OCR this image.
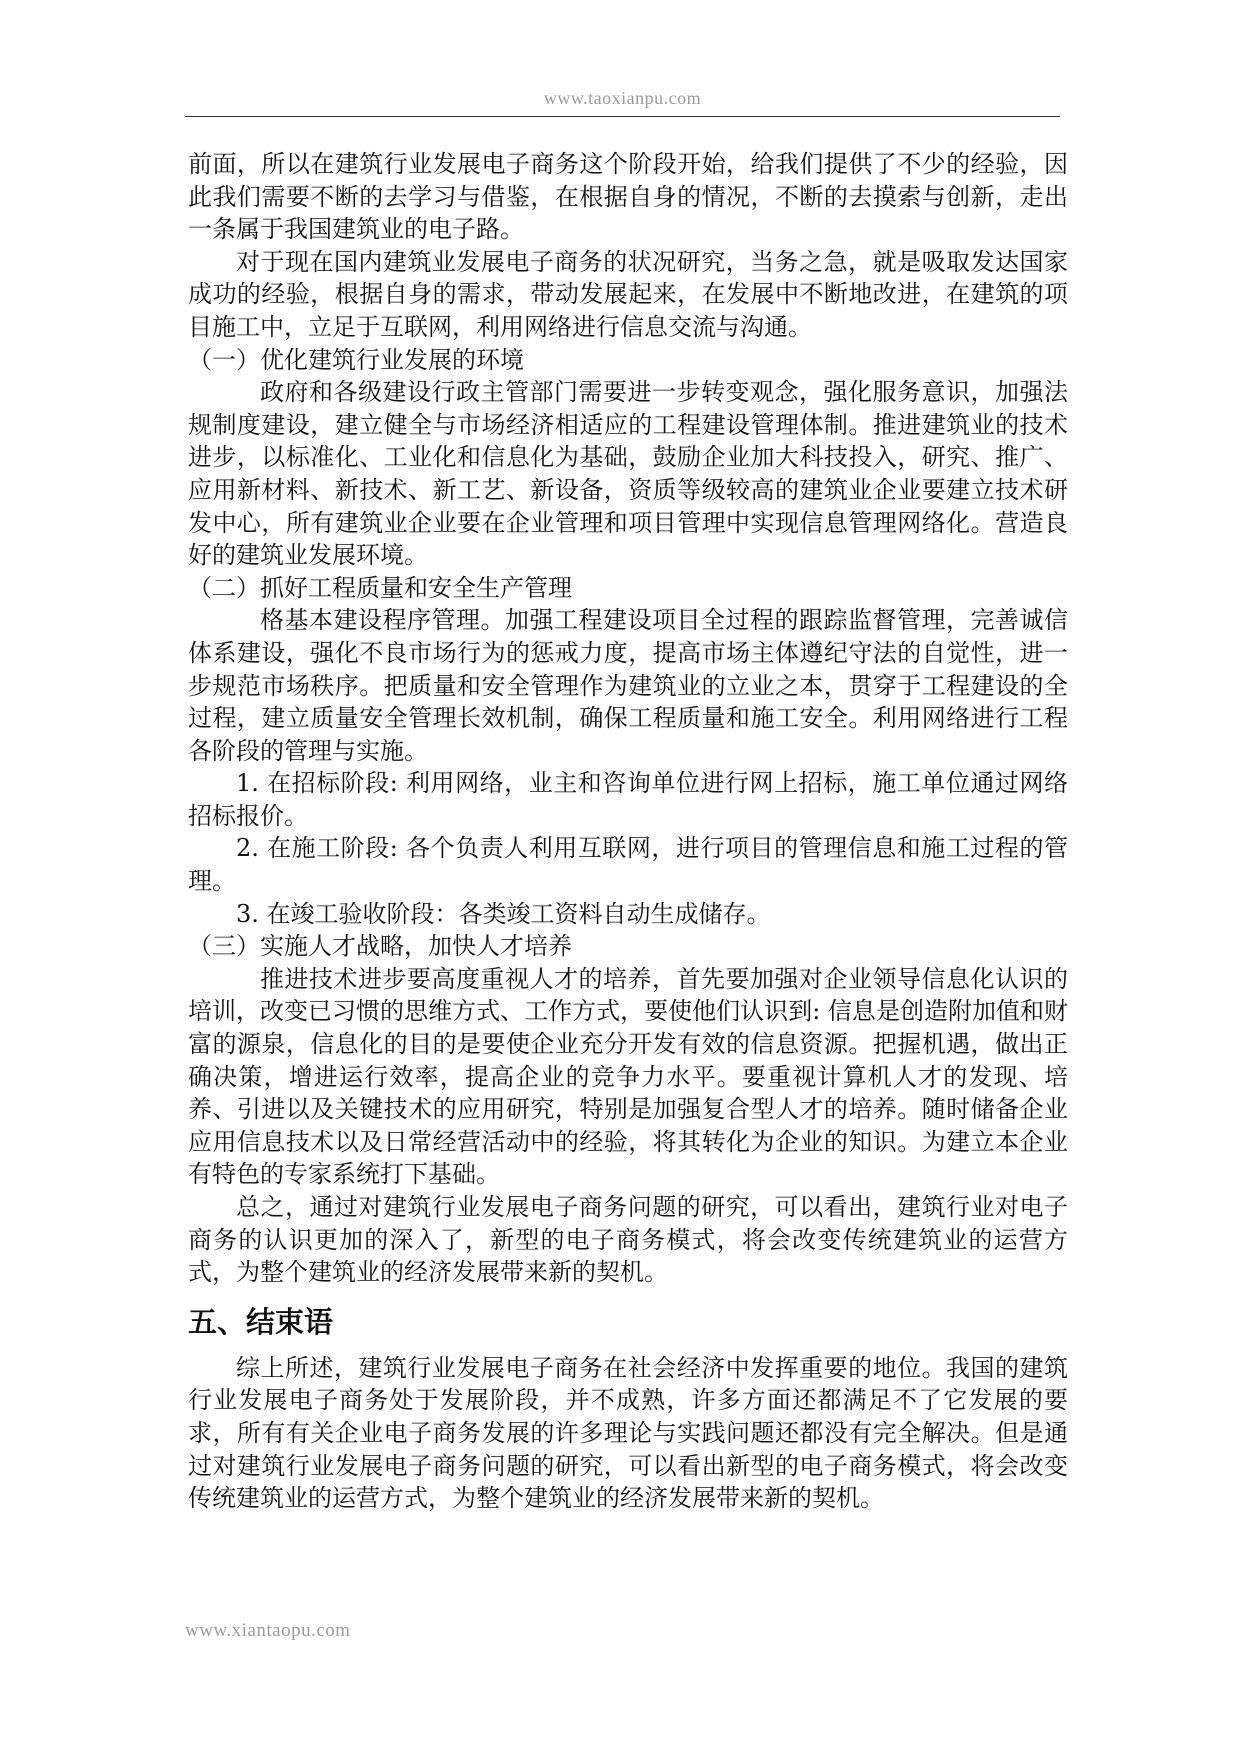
www.taoxianpu.com

前面，所以在建筑行业发展电子商务这个阶段开始，给我们提供了不少的经验，因此我们需要不断的去学习与借鉴，在根据自身的情况，不断的去摸索与创新，走出一条属于我国建筑业的电子路。

对于现在国内建筑业发展电子商务的状况研究，当务之急，就是吸取发达国家成功的经验，根据自身的需求，带动发展起来，在发展中不断地改进，在建筑的项目施工中，立足于互联网，利用网络进行信息交流与沟通。

（一）优化建筑行业发展的环境

政府和各级建设行政主管部门需要进一步转变观念，强化服务意识，加强法规制度建设，建立健全与市场经济相适应的工程建设管理体制。推进建筑业的技术进步，以标准化、工业化和信息化为基础，鼓励企业加大科技投入，研究、推广、应用新材料、新技术、新工艺、新设备，资质等级较高的建筑业企业要建立技术研发中心，所有建筑业企业要在企业管理和项目管理中实现信息管理网络化。营造良好的建筑业发展环境。

（二）抓好工程质量和安全生产管理

格基本建设程序管理。加强工程建设项目全过程的跟踪监督管理，完善诚信体系建设，强化不良市场行为的惩戒力度，提高市场主体遵纪守法的自觉性，进一步规范市场秩序。把质量和安全管理作为建筑业的立业之本，贯穿于工程建设的全过程，建立质量安全管理长效机制，确保工程质量和施工安全。利用网络进行工程各阶段的管理与实施。

1. 在招标阶段: 利用网络，业主和咨询单位进行网上招标，施工单位通过网络招标报价。

2. 在施工阶段: 各个负责人利用互联网，进行项目的管理信息和施工过程的管理。

3. 在竣工验收阶段：各类竣工资料自动生成储存。

（三）实施人才战略，加快人才培养

推进技术进步要高度重视人才的培养，首先要加强对企业领导信息化认识的培训，改变已习惯的思维方式、工作方式，要使他们认识到: 信息是创造附加值和财富的源泉，信息化的目的是要使企业充分开发有效的信息资源。把握机遇，做出正确决策，增进运行效率，提高企业的竞争力水平。要重视计算机人才的发现、培养、引进以及关键技术的应用研究，特别是加强复合型人才的培养。随时储备企业应用信息技术以及日常经营活动中的经验，将其转化为企业的知识。为建立本企业有特色的专家系统打下基础。

总之，通过对建筑行业发展电子商务问题的研究，可以看出，建筑行业对电子商务的认识更加的深入了，新型的电子商务模式，将会改变传统建筑业的运营方式，为整个建筑业的经济发展带来新的契机。

五、结束语

综上所述，建筑行业发展电子商务在社会经济中发挥重要的地位。我国的建筑行业发展电子商务处于发展阶段，并不成熟，许多方面还都满足不了它发展的要求，所有有关企业电子商务发展的许多理论与实践问题还都没有完全解决。但是通过对建筑行业发展电子商务问题的研究，可以看出新型的电子商务模式，将会改变传统建筑业的运营方式，为整个建筑业的经济发展带来新的契机。

www.xiantaopu.com
